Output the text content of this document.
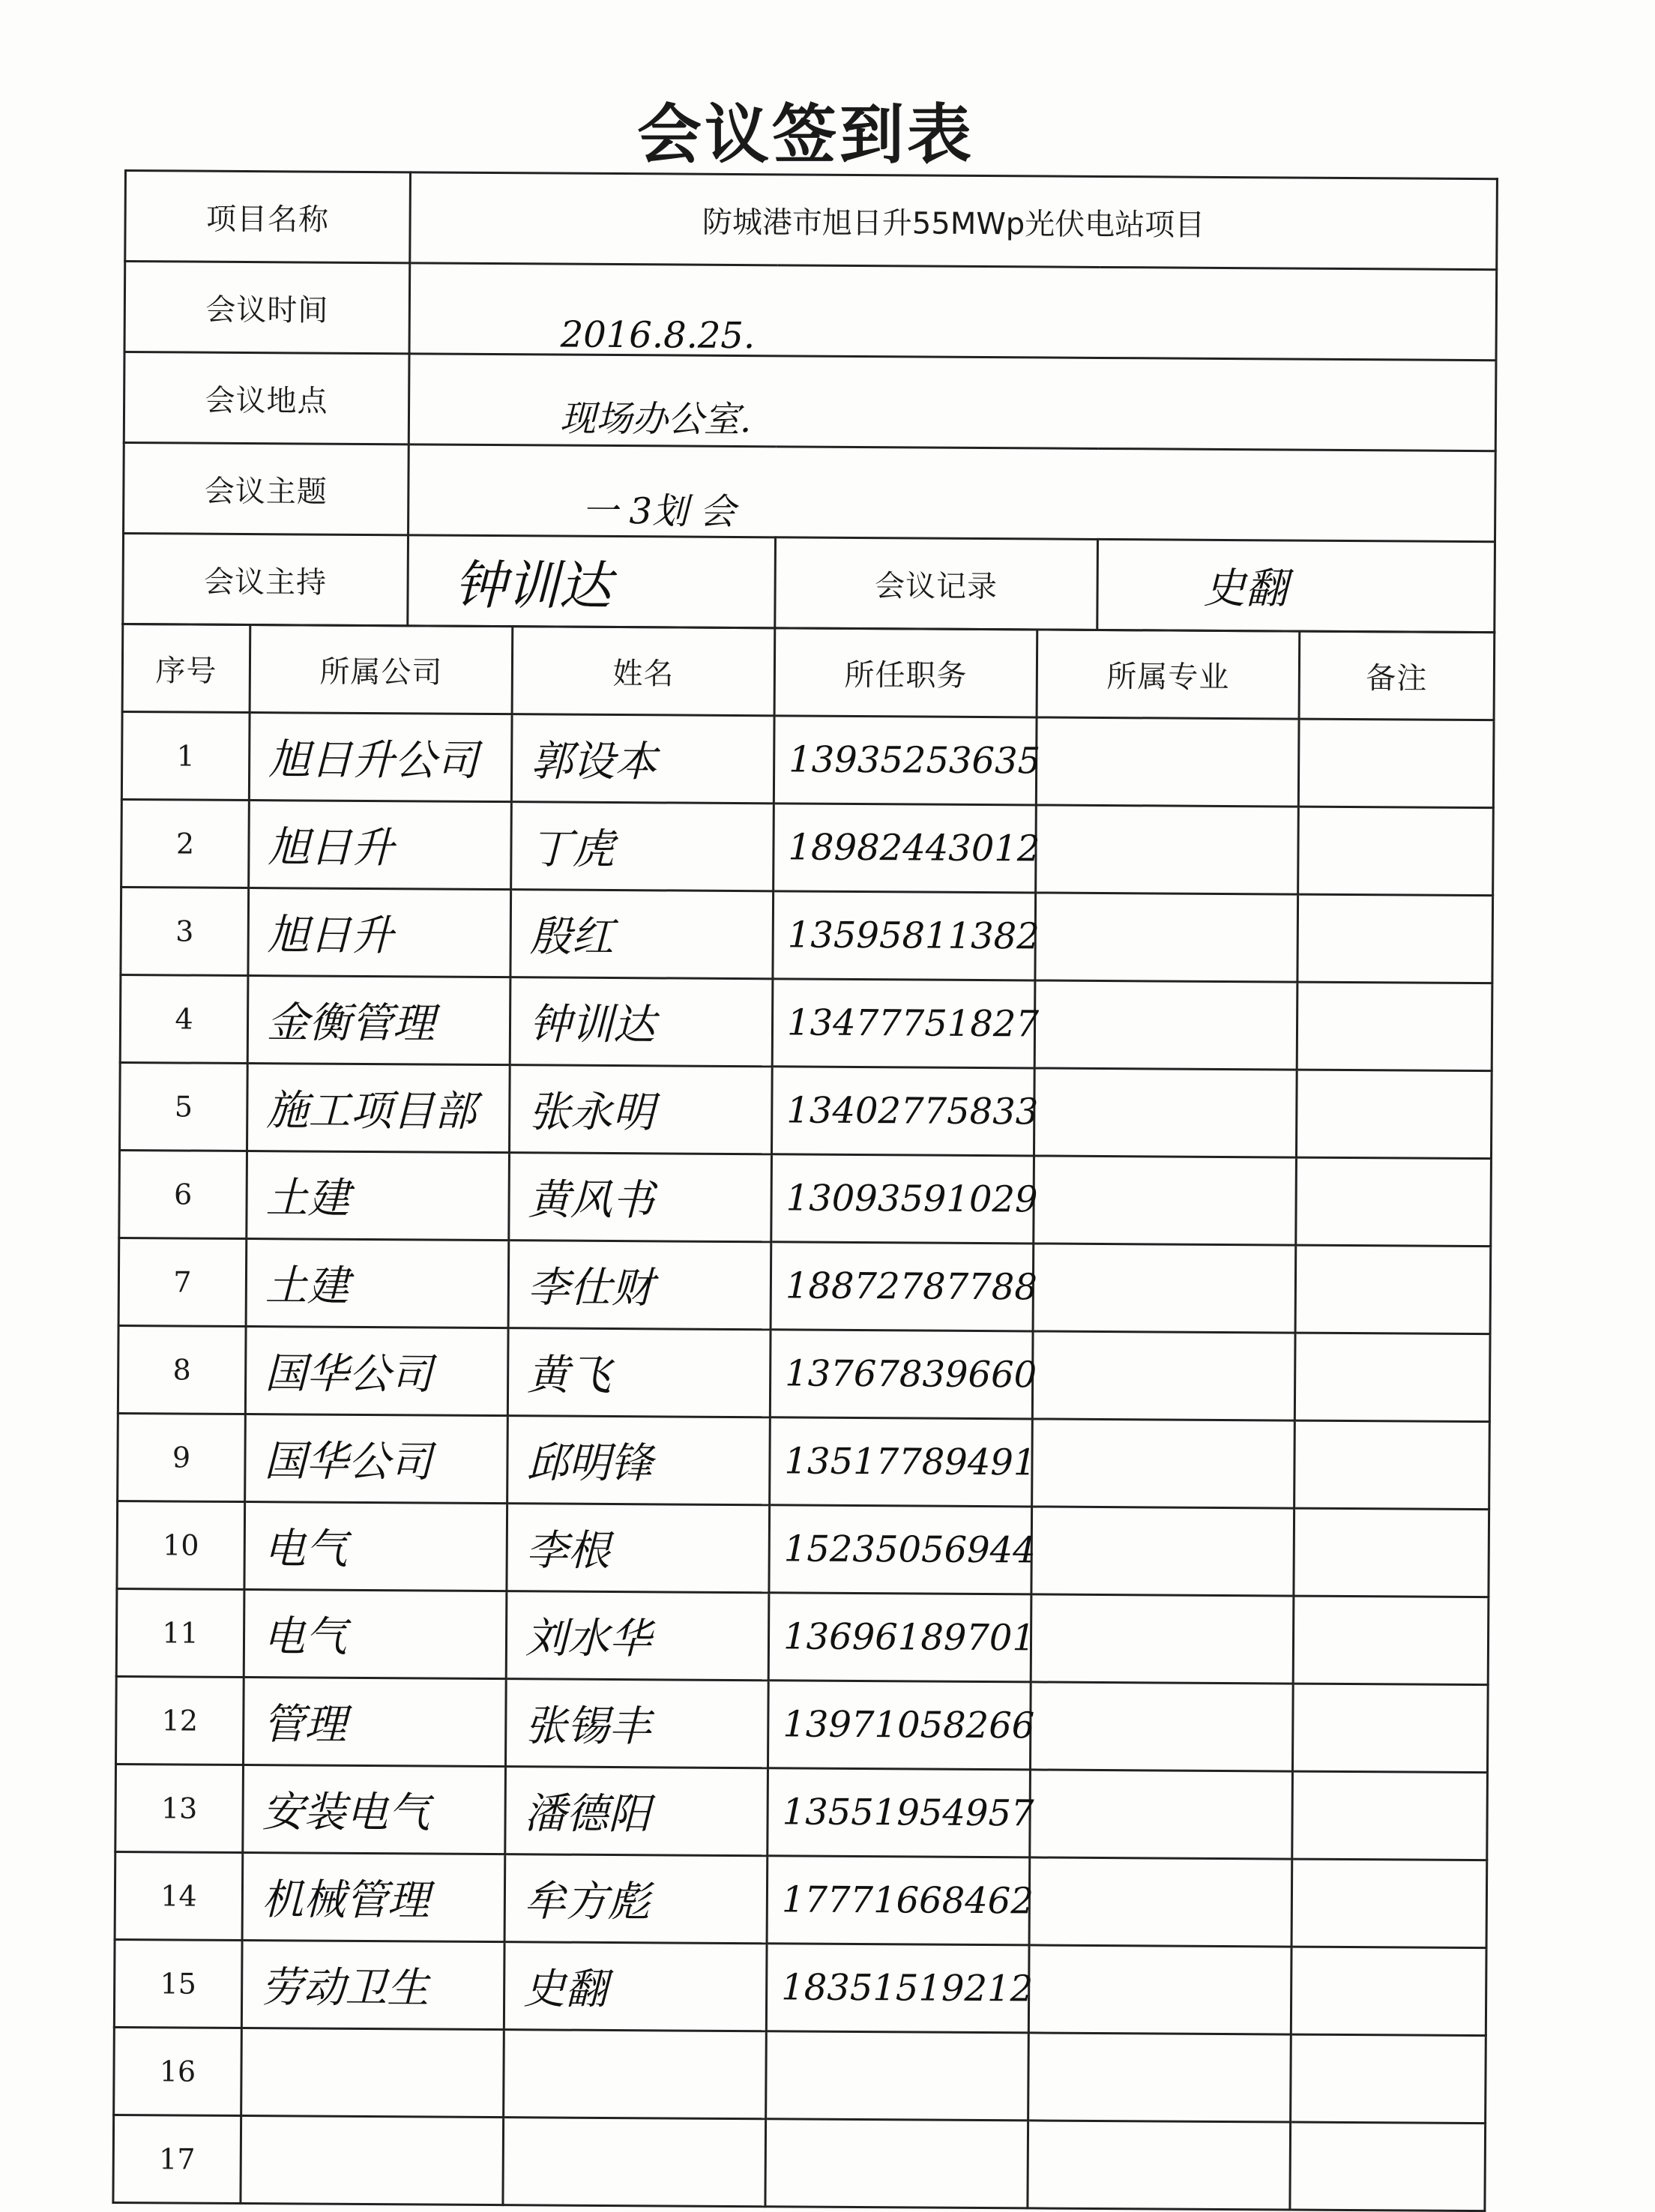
会议签到表
项目名称	防城港市旭日升55MWp光伏电站项目		
会议时间	2016.8.25.		
会议地点	现场办公室.		
会议主题	一 3划 会		
会议主持	钟训达	会议记录	史翻
序号	所属公司	姓名	所任职务	所属专业	备注
1	旭日升公司	郭设本	13935253635		
2	旭日升	丁虎	18982443012		
3	旭日升	殷红	13595811382		
4	金衡管理	钟训达	13477751827		
5	施工项目部	张永明	13402775833		
6	土建	黄风书	13093591029		
7	土建	李仕财	18872787788		
8	国华公司	黄飞	13767839660		
9	国华公司	邱明锋	13517789491		
10	电气	李根	15235056944		
11	电气	刘水华	13696189701		
12	管理	张锡丰	13971058266		
13	安装电气	潘德阳	13551954957		
14	机械管理	牟方彪	17771668462		
15	劳动卫生	史翻	18351519212		
16					
17					
